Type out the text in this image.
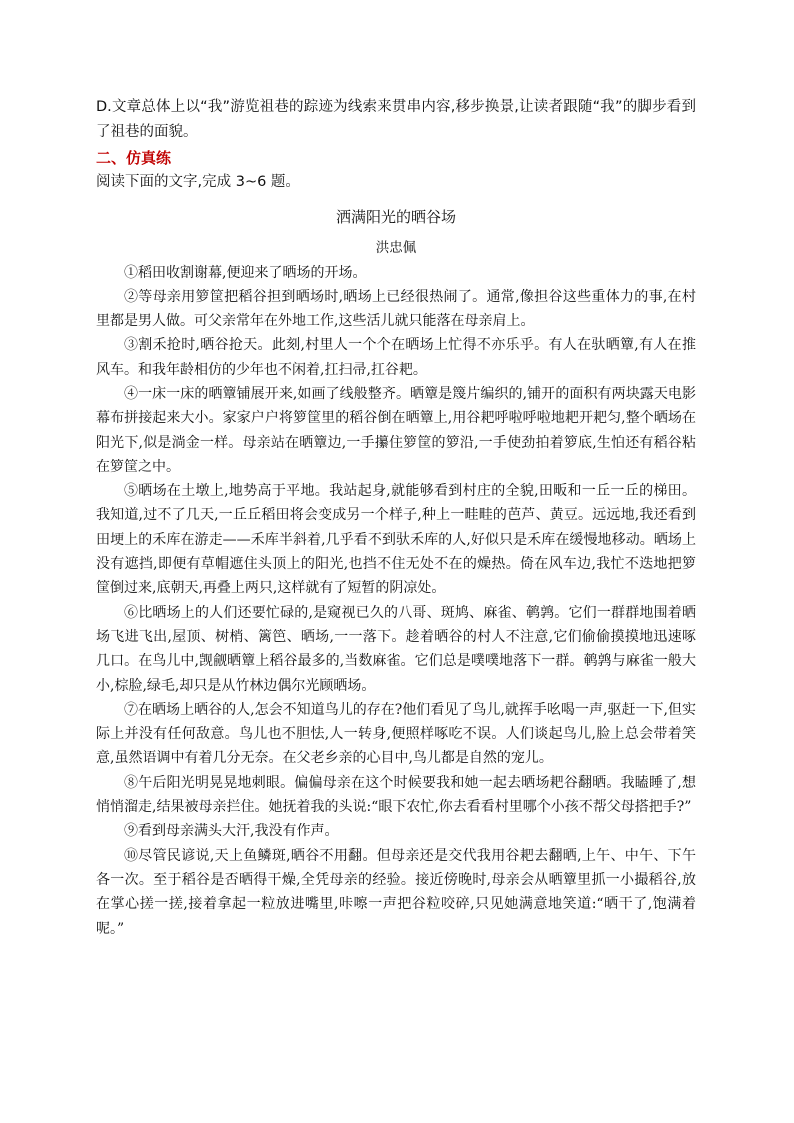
D.文章总体上以“我”游览祖巷的踪迹为线索来贯串内容,移步换景,让读者跟随“我”的脚步看到了祖巷的面貌。

二、仿真练

阅读下面的文字,完成 3~6 题。

洒满阳光的晒谷场

洪忠佩

①稻田收割谢幕,便迎来了晒场的开场。

②等母亲用箩筐把稻谷担到晒场时,晒场上已经很热闹了。通常,像担谷这些重体力的事,在村里都是男人做。可父亲常年在外地工作,这些活儿就只能落在母亲肩上。

③割禾抢时,晒谷抢天。此刻,村里人一个个在晒场上忙得不亦乐乎。有人在驮晒簟,有人在推风车。和我年龄相仿的少年也不闲着,扛扫帚,扛谷耙。

④一床一床的晒簟铺展开来,如画了线般整齐。晒簟是篾片编织的,铺开的面积有两块露天电影幕布拼接起来大小。家家户户将箩筐里的稻谷倒在晒簟上,用谷耙呼啦呼啦地耙开耙匀,整个晒场在阳光下,似是淌金一样。母亲站在晒簟边,一手攥住箩筐的箩沿,一手使劲拍着箩底,生怕还有稻谷粘在箩筐之中。

⑤晒场在土墩上,地势高于平地。我站起身,就能够看到村庄的全貌,田畈和一丘一丘的梯田。我知道,过不了几天,一丘丘稻田将会变成另一个样子,种上一畦畦的芭芦、黄豆。远远地,我还看到田埂上的禾库在游走——禾库半斜着,几乎看不到驮禾库的人,好似只是禾库在缓慢地移动。晒场上没有遮挡,即便有草帽遮住头顶上的阳光,也挡不住无处不在的燥热。倚在风车边,我忙不迭地把箩筐倒过来,底朝天,再叠上两只,这样就有了短暂的阴凉处。

⑥比晒场上的人们还要忙碌的,是窥视已久的八哥、斑鸠、麻雀、鹌鹑。它们一群群地围着晒场飞进飞出,屋顶、树梢、篱笆、晒场,一一落下。趁着晒谷的村人不注意,它们偷偷摸摸地迅速啄几口。在鸟儿中,觊觎晒簟上稻谷最多的,当数麻雀。它们总是噗噗地落下一群。鹌鹑与麻雀一般大小,棕脸,绿毛,却只是从竹林边偶尔光顾晒场。

⑦在晒场上晒谷的人,怎会不知道鸟儿的存在?他们看见了鸟儿,就挥手吆喝一声,驱赶一下,但实际上并没有任何敌意。鸟儿也不胆怯,人一转身,便照样啄吃不误。人们谈起鸟儿,脸上总会带着笑意,虽然语调中有着几分无奈。在父老乡亲的心目中,鸟儿都是自然的宠儿。

⑧午后阳光明晃晃地刺眼。偏偏母亲在这个时候要我和她一起去晒场耙谷翻晒。我瞌睡了,想悄悄溜走,结果被母亲拦住。她抚着我的头说:“眼下农忙,你去看看村里哪个小孩不帮父母搭把手?”

⑨看到母亲满头大汗,我没有作声。

⑩尽管民谚说,天上鱼鳞斑,晒谷不用翻。但母亲还是交代我用谷耙去翻晒,上午、中午、下午各一次。至于稻谷是否晒得干燥,全凭母亲的经验。接近傍晚时,母亲会从晒簟里抓一小撮稻谷,放在掌心搓一搓,接着拿起一粒放进嘴里,咔嚓一声把谷粒咬碎,只见她满意地笑道:“晒干了,饱满着呢。”
